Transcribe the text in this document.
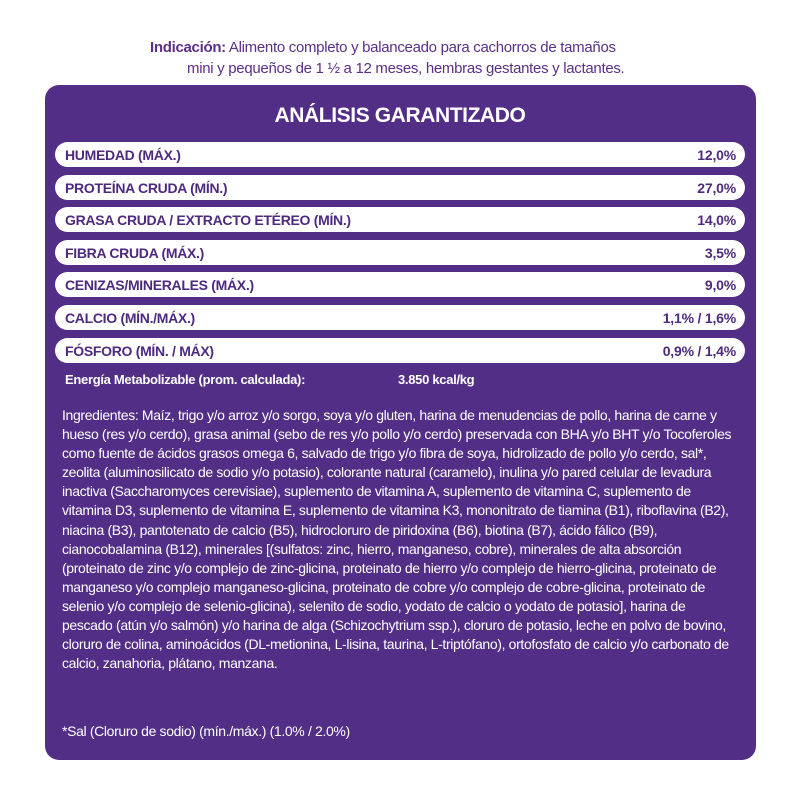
Indicación: Alimento completo y balanceado para cachorros de tamaños
mini y pequeños de 1 ½ a 12 meses, hembras gestantes y lactantes.
ANÁLISIS GARANTIZADO
HUMEDAD (MÁX.)	12,0%
PROTEÍNA CRUDA (MÍN.)	27,0%
GRASA CRUDA / EXTRACTO ETÉREO (MÍN.)	14,0%
FIBRA CRUDA (MÁX.)	3,5%
CENIZAS/MINERALES (MÁX.)	9,0%
CALCIO (MÍN./MÁX.)	1,1% / 1,6%
FÓSFORO (MÍN. / MÁX)	0,9% / 1,4%
Energía Metabolizable (prom. calculada):	3.850 kcal/kg
Ingredientes: Maíz, trigo y/o arroz y/o sorgo, soya y/o gluten, harina de menudencias de pollo, harina de carne y hueso (res y/o cerdo), grasa animal (sebo de res y/o pollo y/o cerdo) preservada con BHA y/o BHT y/o Tocoferoles como fuente de ácidos grasos omega 6, salvado de trigo y/o fibra de soya, hidrolizado de pollo y/o cerdo, sal*, zeolita (aluminosilicato de sodio y/o potasio), colorante natural (caramelo), inulina y/o pared celular de levadura inactiva (Saccharomyces cerevisiae), suplemento de vitamina A, suplemento de vitamina C, suplemento de vitamina D3, suplemento de vitamina E, suplemento de vitamina K3, mononitrato de tiamina (B1), riboflavina (B2), niacina (B3), pantotenato de calcio (B5), hidrocloruro de piridoxina (B6), biotina (B7), ácido fálico (B9), cianocobalamina (B12), minerales [(sulfatos: zinc, hierro, manganeso, cobre), minerales de alta absorción (proteinato de zinc y/o complejo de zinc-glicina, proteinato de hierro y/o complejo de hierro-glicina, proteinato de manganeso y/o complejo manganeso-glicina, proteinato de cobre y/o complejo de cobre-glicina, proteinato de selenio y/o complejo de selenio-glicina), selenito de sodio, yodato de calcio o yodato de potasio], harina de pescado (atún y/o salmón) y/o harina de alga (Schizochytrium ssp.), cloruro de potasio, leche en polvo de bovino, cloruro de colina, aminoácidos (DL-metionina, L-lisina, taurina, L-triptófano), ortofosfato de calcio y/o carbonato de calcio, zanahoria, plátano, manzana.
*Sal (Cloruro de sodio) (mín./máx.) (1.0% / 2.0%)
